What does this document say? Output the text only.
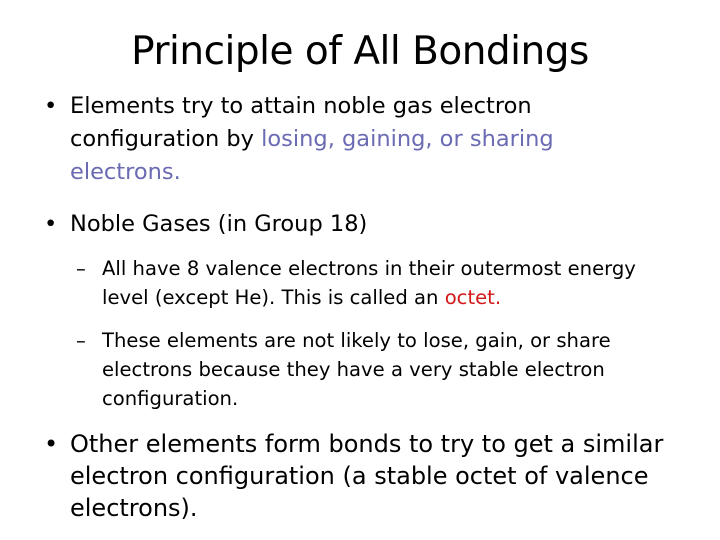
Principle of All Bondings
• Elements try to attain noble gas electron configuration by losing, gaining, or sharing electrons.
• Noble Gases (in Group 18)
– All have 8 valence electrons in their outermost energy level (except He). This is called an octet.
– These elements are not likely to lose, gain, or share electrons because they have a very stable electron configuration.
• Other elements form bonds to try to get a similar electron configuration (a stable octet of valence electrons).
